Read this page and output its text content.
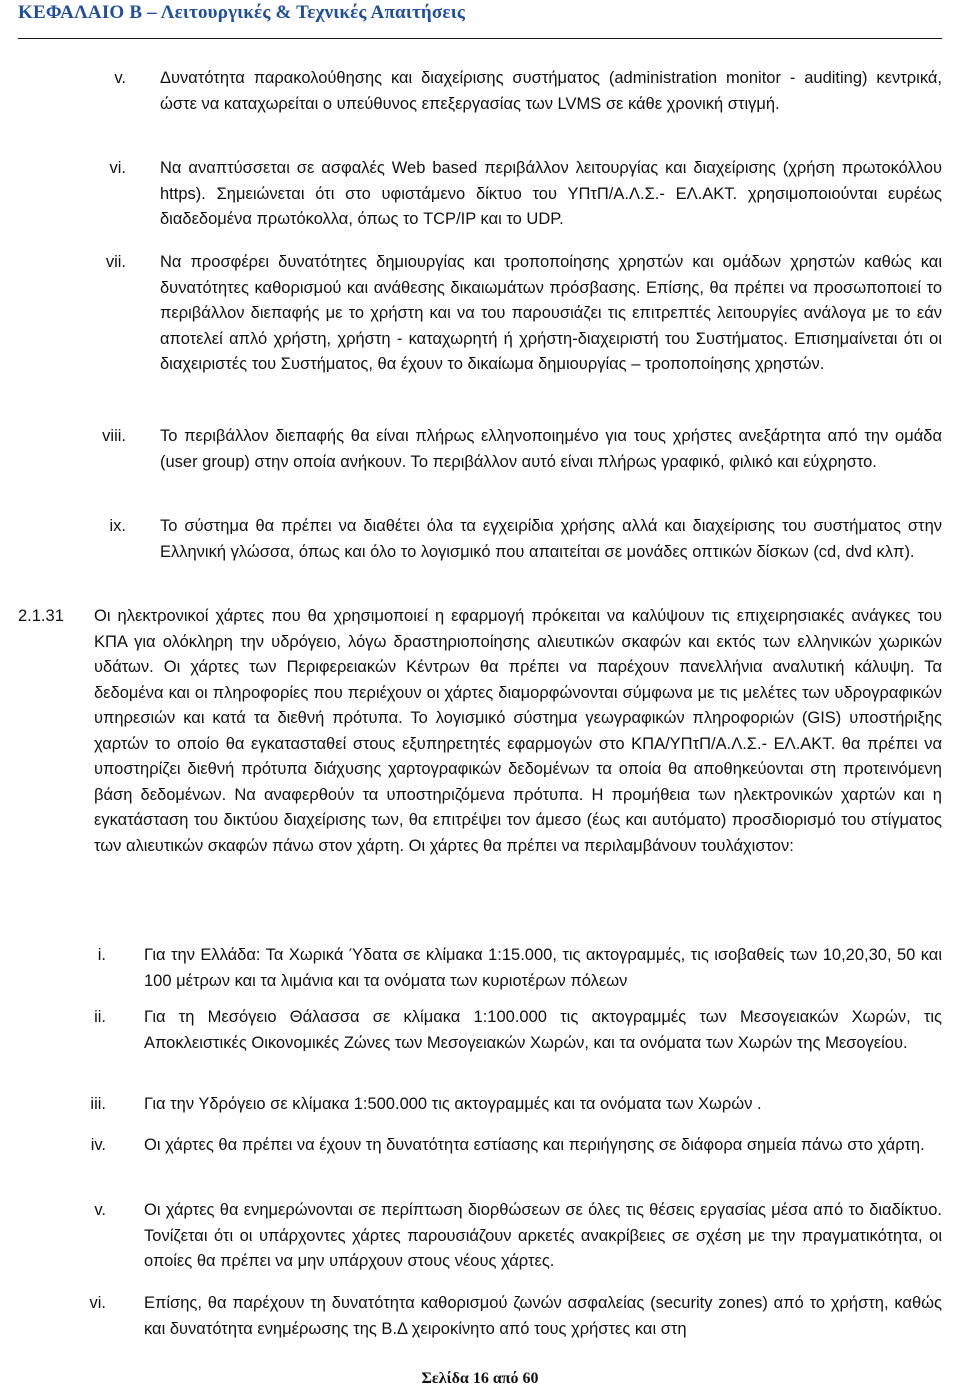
ΚΕΦΑΛΑΙΟ Β – Λειτουργικές & Τεχνικές Απαιτήσεις
v. Δυνατότητα παρακολούθησης και διαχείρισης συστήματος (administration monitor - auditing) κεντρικά, ώστε να καταχωρείται ο υπεύθυνος επεξεργασίας των LVMS σε κάθε χρονική στιγμή.
vi. Να αναπτύσσεται σε ασφαλές Web based περιβάλλον λειτουργίας και διαχείρισης (χρήση πρωτοκόλλου https). Σημειώνεται ότι στο υφιστάμενο δίκτυο του ΥΠτΠ/Α.Λ.Σ.- ΕΛ.ΑΚΤ. χρησιμοποιούνται ευρέως διαδεδομένα πρωτόκολλα, όπως το TCP/IP και το UDP.
vii. Να προσφέρει δυνατότητες δημιουργίας και τροποποίησης χρηστών και ομάδων χρηστών καθώς και δυνατότητες καθορισμού και ανάθεσης δικαιωμάτων πρόσβασης. Επίσης, θα πρέπει να προσωποποιεί το περιβάλλον διεπαφής με το χρήστη και να του παρουσιάζει τις επιτρεπτές λειτουργίες ανάλογα με το εάν αποτελεί απλό χρήστη, χρήστη - καταχωρητή ή χρήστη-διαχειριστή του Συστήματος. Επισημαίνεται ότι οι διαχειριστές του Συστήματος, θα έχουν το δικαίωμα δημιουργίας – τροποποίησης χρηστών.
viii. Το περιβάλλον διεπαφής θα είναι πλήρως ελληνοποιημένο για τους χρήστες ανεξάρτητα από την ομάδα (user group) στην οποία ανήκουν. Το περιβάλλον αυτό είναι πλήρως γραφικό, φιλικό και εύχρηστο.
ix. Το σύστημα θα πρέπει να διαθέτει όλα τα εγχειρίδια χρήσης αλλά και διαχείρισης του συστήματος στην Ελληνική γλώσσα, όπως και όλο το λογισμικό που απαιτείται σε μονάδες οπτικών δίσκων (cd, dvd κλπ).
2.1.31 Οι ηλεκτρονικοί χάρτες που θα χρησιμοποιεί η εφαρμογή πρόκειται να καλύψουν τις επιχειρησιακές ανάγκες του ΚΠΑ για ολόκληρη την υδρόγειο, λόγω δραστηριοποίησης αλιευτικών σκαφών και εκτός των ελληνικών χωρικών υδάτων. Οι χάρτες των Περιφερειακών Κέντρων θα πρέπει να παρέχουν πανελλήνια αναλυτική κάλυψη. Τα δεδομένα και οι πληροφορίες που περιέχουν οι χάρτες διαμορφώνονται σύμφωνα με τις μελέτες των υδρογραφικών υπηρεσιών και κατά τα διεθνή πρότυπα. Το λογισμικό σύστημα γεωγραφικών πληροφοριών (GIS) υποστήριξης χαρτών το οποίο θα εγκατασταθεί στους εξυπηρετητές εφαρμογών στο ΚΠΑ/ΥΠτΠ/Α.Λ.Σ.- ΕΛ.ΑΚΤ. θα πρέπει να υποστηρίζει διεθνή πρότυπα διάχυσης χαρτογραφικών δεδομένων τα οποία θα αποθηκεύονται στη προτεινόμενη βάση δεδομένων. Να αναφερθούν τα υποστηριζόμενα πρότυπα. Η προμήθεια των ηλεκτρονικών χαρτών και η εγκατάσταση του δικτύου διαχείρισης των, θα επιτρέψει τον άμεσο (έως και αυτόματο) προσδιορισμό του στίγματος των αλιευτικών σκαφών πάνω στον χάρτη. Οι χάρτες θα πρέπει να περιλαμβάνουν τουλάχιστον:
i. Για την Ελλάδα: Τα Χωρικά Ύδατα σε κλίμακα 1:15.000, τις ακτογραμμές, τις ισοβαθείς των 10,20,30, 50 και 100 μέτρων και τα λιμάνια και τα ονόματα των κυριοτέρων πόλεων
ii. Για τη Μεσόγειο Θάλασσα σε κλίμακα 1:100.000 τις ακτογραμμές των Μεσογειακών Χωρών, τις Αποκλειστικές Οικονομικές Ζώνες των Μεσογειακών Χωρών, και τα ονόματα των Χωρών της Μεσογείου.
iii. Για την Υδρόγειο σε κλίμακα 1:500.000 τις ακτογραμμές και τα ονόματα των Χωρών .
iv. Οι χάρτες θα πρέπει να έχουν τη δυνατότητα εστίασης και περιήγησης σε διάφορα σημεία πάνω στο χάρτη.
v. Οι χάρτες θα ενημερώνονται σε περίπτωση διορθώσεων σε όλες τις θέσεις εργασίας μέσα από το διαδίκτυο. Τονίζεται ότι οι υπάρχοντες χάρτες παρουσιάζουν αρκετές ανακρίβειες σε σχέση με την πραγματικότητα, οι οποίες θα πρέπει να μην υπάρχουν στους νέους χάρτες.
vi. Επίσης, θα παρέχουν τη δυνατότητα καθορισμού ζωνών ασφαλείας (security zones) από το χρήστη, καθώς και δυνατότητα ενημέρωσης της Β.Δ χειροκίνητο από τους χρήστες και στη
Σελίδα 16 από 60
